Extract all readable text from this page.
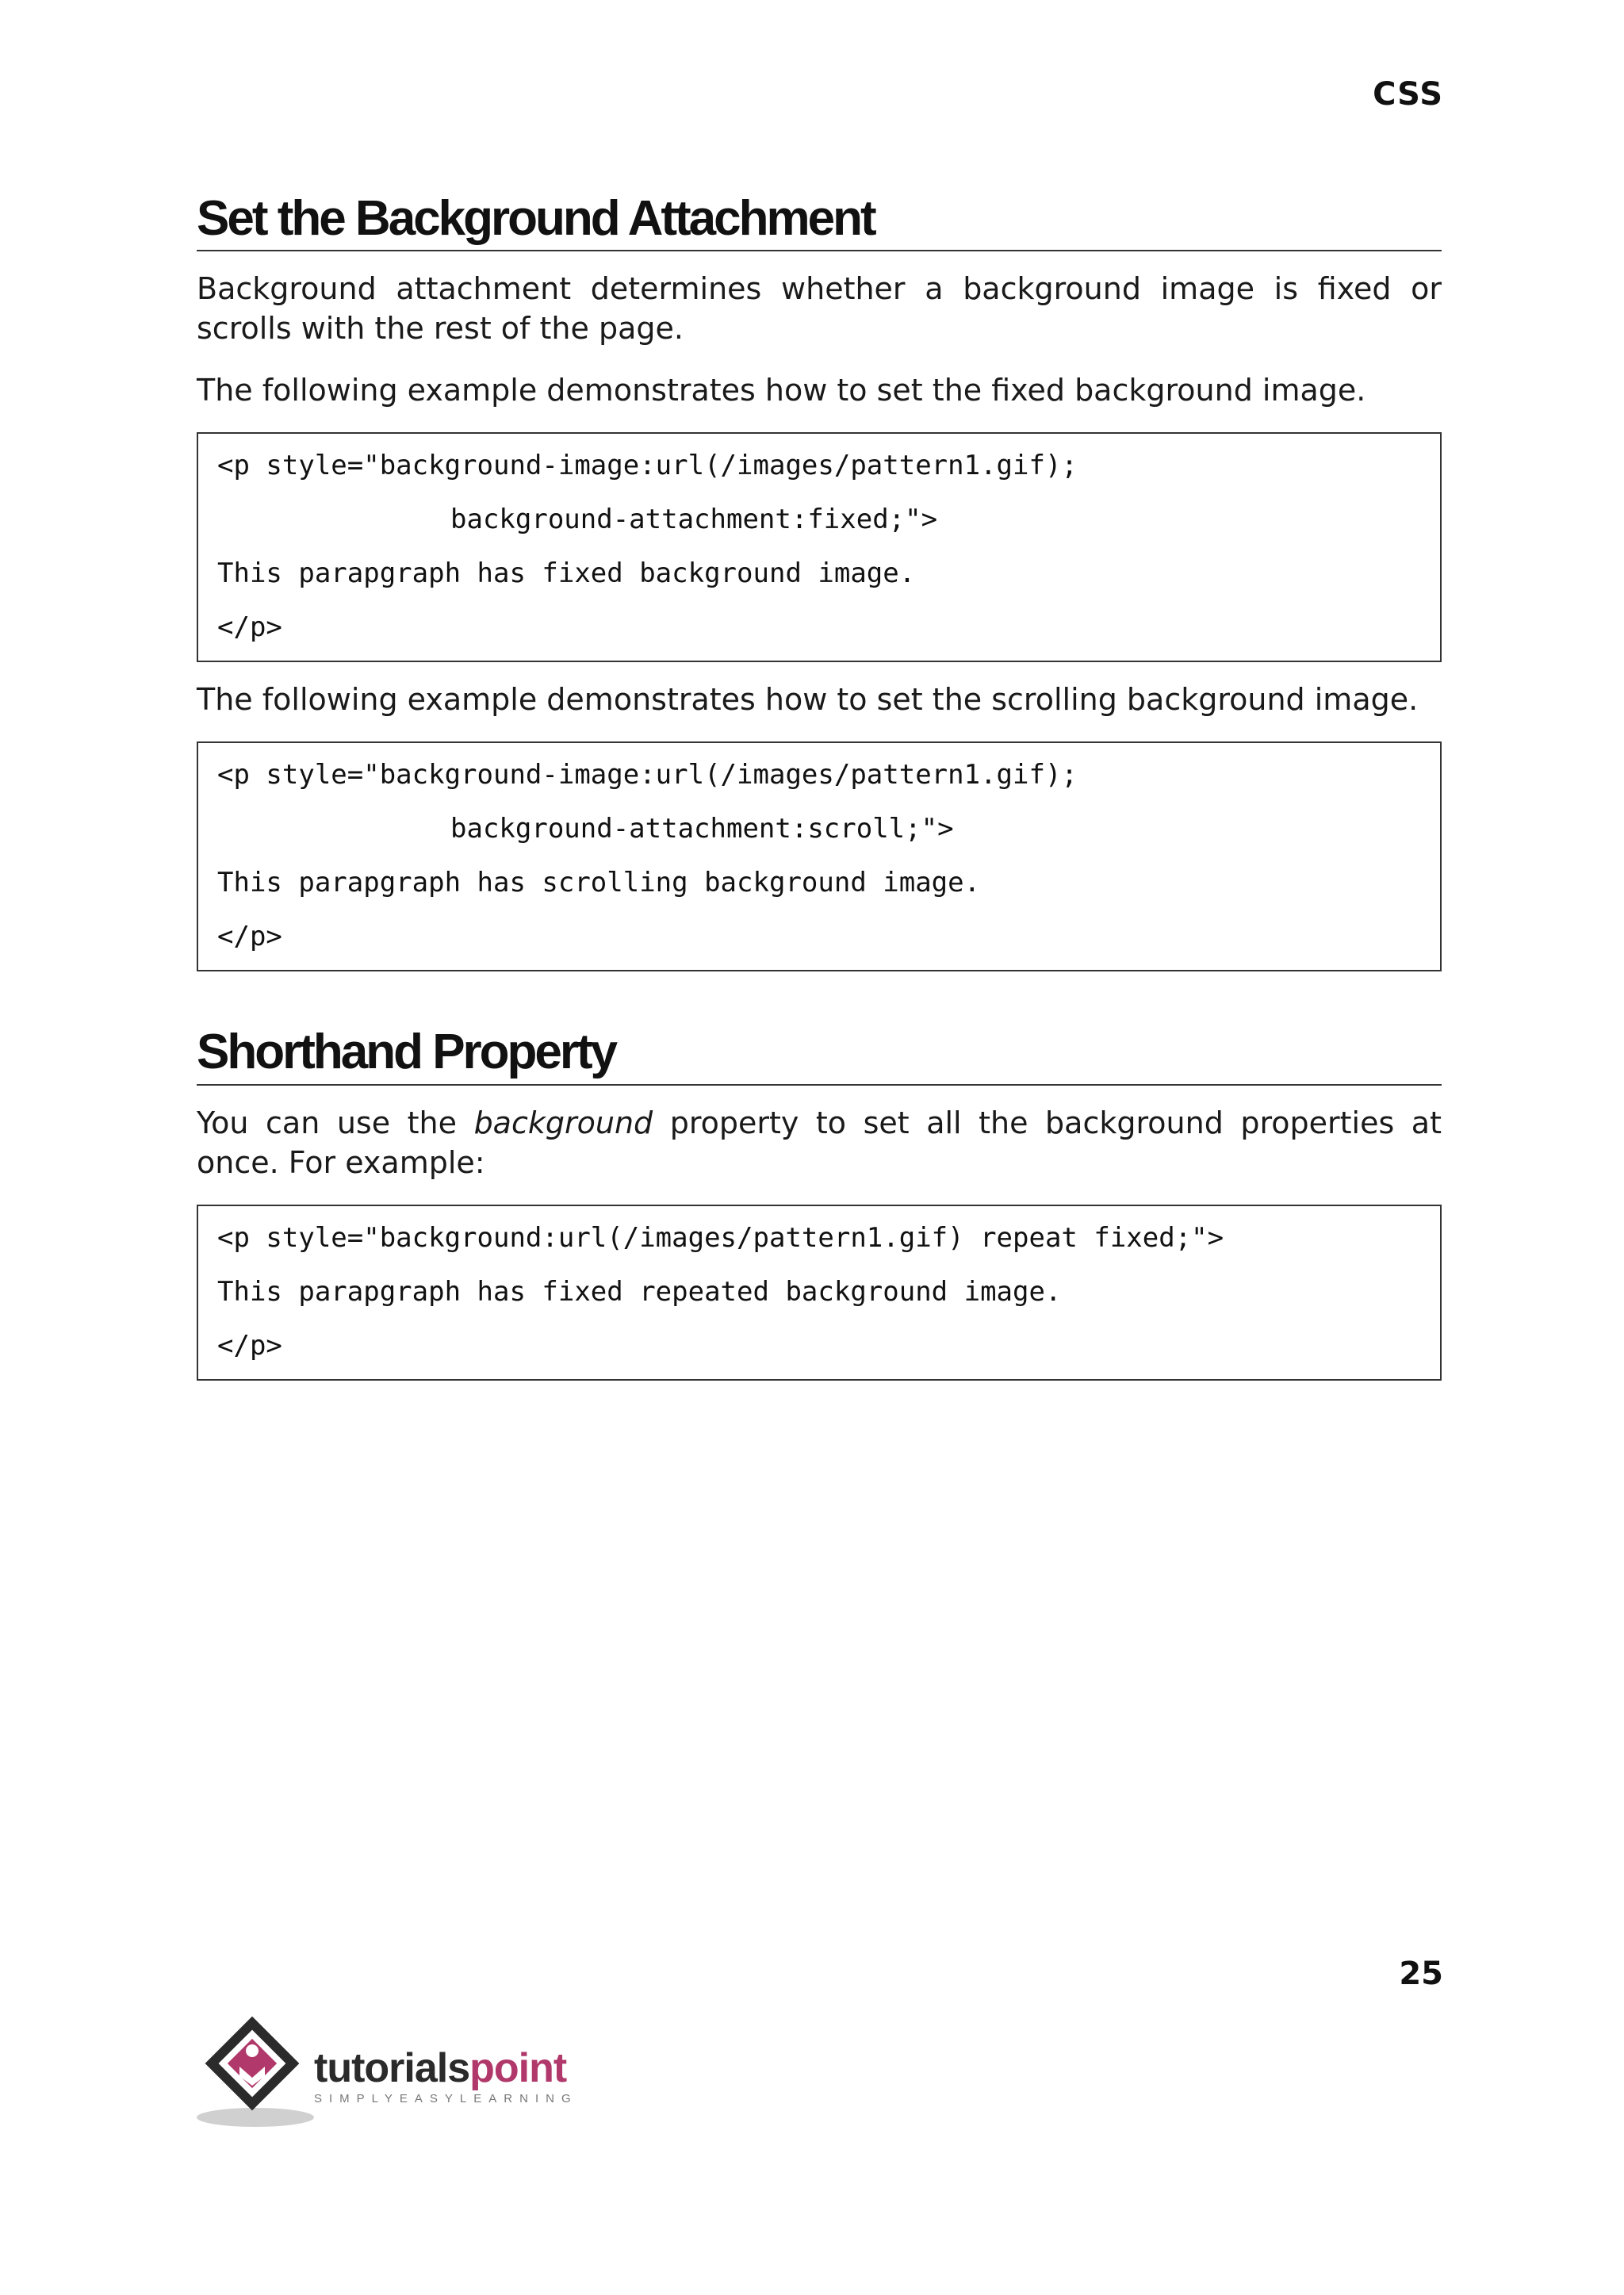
CSS
Set the Background Attachment

Background attachment determines whether a background image is fixed or scrolls with the rest of the page.

The following example demonstrates how to set the fixed background image.

<p style="background-image:url(/images/pattern1.gif);
background-attachment:fixed;">
This parapgraph has fixed background image.
</p>

The following example demonstrates how to set the scrolling background image.

<p style="background-image:url(/images/pattern1.gif);
background-attachment:scroll;">
This parapgraph has scrolling background image.
</p>
Shorthand Property

You can use the background property to set all the background properties at once. For example:

<p style="background:url(/images/pattern1.gif) repeat fixed;">
This parapgraph has fixed repeated background image.
</p>
25
tutorialspoint
SIMPLYEASYLEARNING
